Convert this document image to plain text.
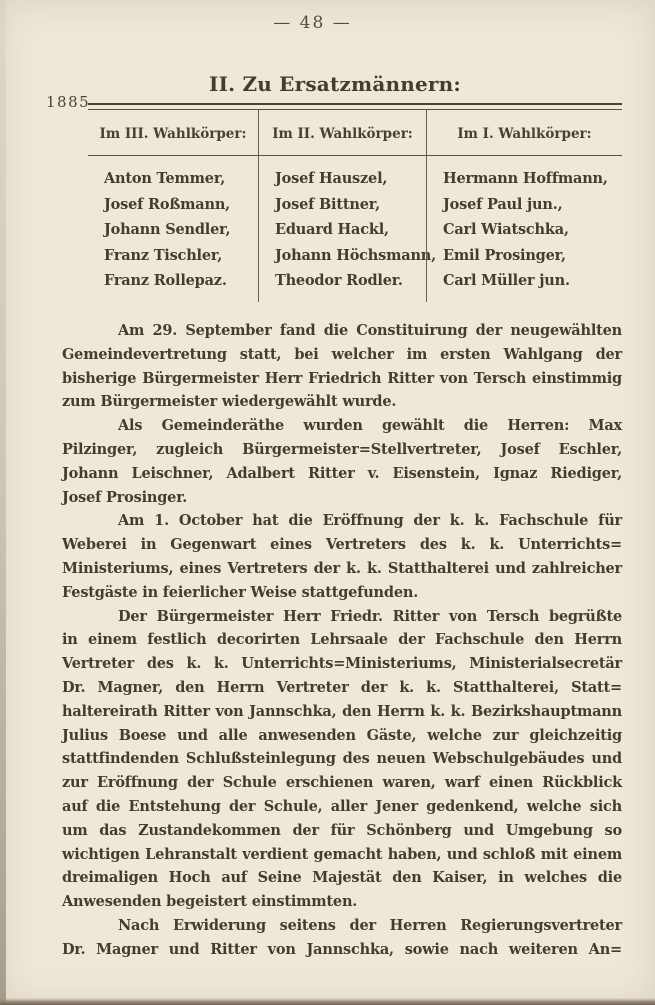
— 48 —
II. Zu Ersatzmännern:
1885
Im III. Wahlkörper:
Anton Temmer,
Josef Roßmann,
Johann Sendler,
Franz Tischler,
Franz Rollepaz.
Im II. Wahlkörper:
Josef Hauszel,
Josef Bittner,
Eduard Hackl,
Johann Höchsmann,
Theodor Rodler.
Im I. Wahlkörper:
Hermann Hoffmann,
Josef Paul jun.,
Carl Wiatschka,
Emil Prosinger,
Carl Müller jun.
Am 29. September fand die Constituirung der neugewählten
Gemeindevertretung statt, bei welcher im ersten Wahlgang der
bisherige Bürgermeister Herr Friedrich Ritter von Tersch einstimmig
zum Bürgermeister wiedergewählt wurde.
Als Gemeinderäthe wurden gewählt die Herren: Max
Pilzinger, zugleich Bürgermeister=Stellvertreter, Josef Eschler,
Johann Leischner, Adalbert Ritter v. Eisenstein, Ignaz Riediger,
Josef Prosinger.
Am 1. October hat die Eröffnung der k. k. Fachschule für
Weberei in Gegenwart eines Vertreters des k. k. Unterrichts=
Ministeriums, eines Vertreters der k. k. Statthalterei und zahlreicher
Festgäste in feierlicher Weise stattgefunden.
Der Bürgermeister Herr Friedr. Ritter von Tersch begrüßte
in einem festlich decorirten Lehrsaale der Fachschule den Herrn
Vertreter des k. k. Unterrichts=Ministeriums, Ministerialsecretär
Dr. Magner, den Herrn Vertreter der k. k. Statthalterei, Statt=
haltereirath Ritter von Jannschka, den Herrn k. k. Bezirkshauptmann
Julius Boese und alle anwesenden Gäste, welche zur gleichzeitig
stattfindenden Schlußsteinlegung des neuen Webschulgebäudes und
zur Eröffnung der Schule erschienen waren, warf einen Rückblick
auf die Entstehung der Schule, aller Jener gedenkend, welche sich
um das Zustandekommen der für Schönberg und Umgebung so
wichtigen Lehranstalt verdient gemacht haben, und schloß mit einem
dreimaligen Hoch auf Seine Majestät den Kaiser, in welches die
Anwesenden begeistert einstimmten.
Nach Erwiderung seitens der Herren Regierungsvertreter
Dr. Magner und Ritter von Jannschka, sowie nach weiteren An=
